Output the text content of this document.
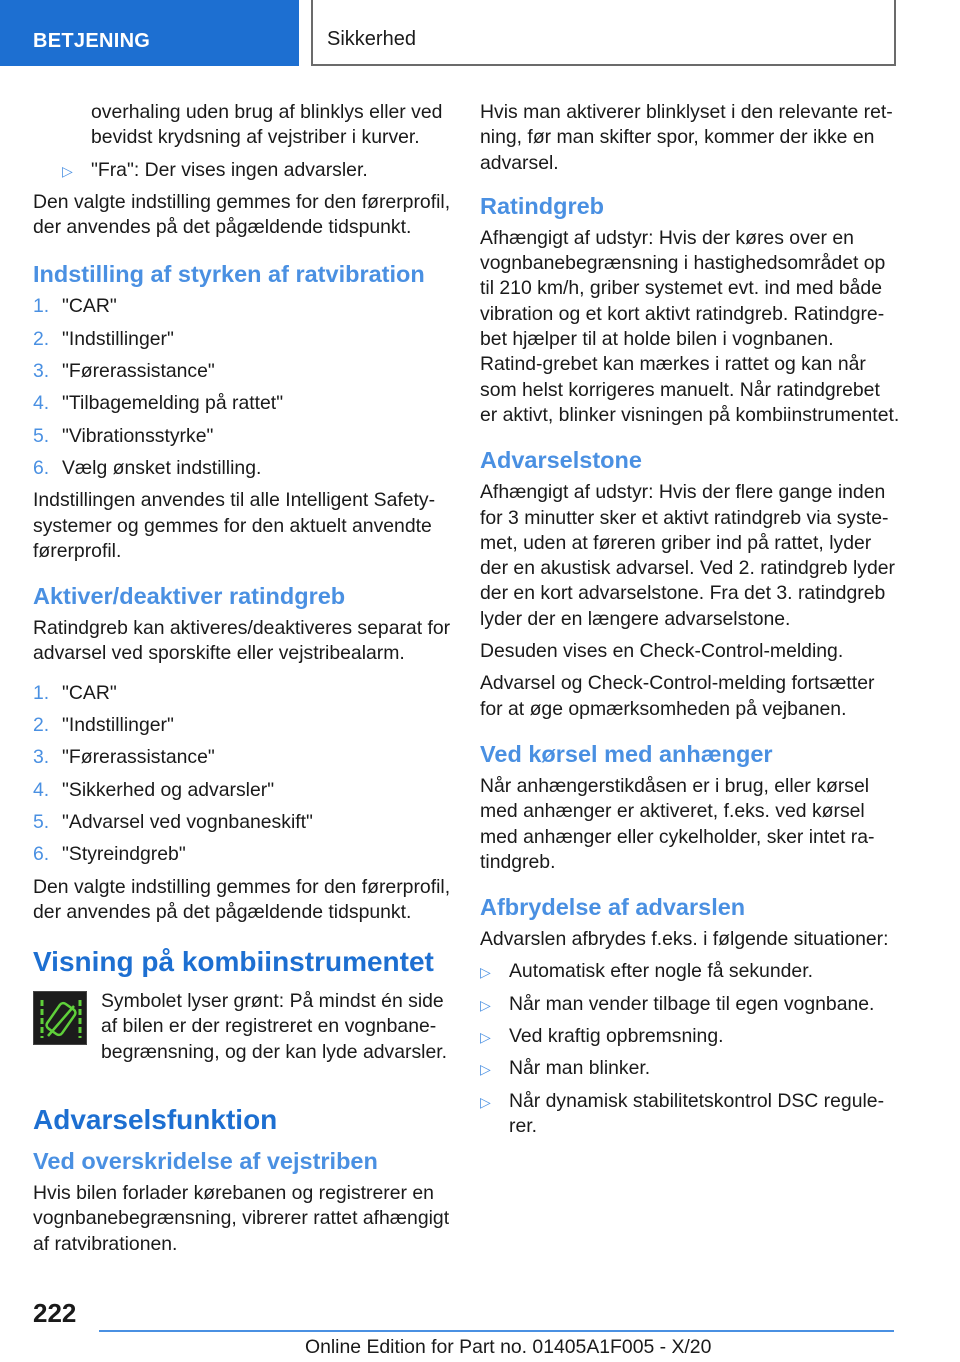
BETJENING	Sikkerhed
overhaling uden brug af blinklys eller ved bevidst krydsning af vejstriber i kurver.
▷ "Fra": Der vises ingen advarsler.

Den valgte indstilling gemmes for den førerprofil, der anvendes på det pågældende tidspunkt.

Indstilling af styrken af ratvibration
1. "CAR"
2. "Indstillinger"
3. "Førerassistance"
4. "Tilbagemelding på rattet"
5. "Vibrationsstyrke"
6. Vælg ønsket indstilling.

Indstillingen anvendes til alle Intelligent Safety-systemer og gemmes for den aktuelt anvendte førerprofil.

Aktiver/deaktiver ratindgreb

Ratindgreb kan aktiveres/deaktiveres separat for advarsel ved sporskifte eller vejstribealarm.

1. "CAR"
2. "Indstillinger"
3. "Førerassistance"
4. "Sikkerhed og advarsler"
5. "Advarsel ved vognbaneskift"
6. "Styreindgreb"

Den valgte indstilling gemmes for den førerprofil, der anvendes på det pågældende tidspunkt.

Visning på kombiinstrumentet
Symbolet lyser grønt: På mindst én side af bilen er der registreret en vognbane-begrænsning, og der kan lyde advarsler.
Advarselsfunktion
Ved overskridelse af vejstriben

Hvis bilen forlader kørebanen og registrerer en vognbanebegrænsning, vibrerer rattet afhængigt af ratvibrationen.

Hvis man aktiverer blinklyset i den relevante ret-ning, før man skifter spor, kommer der ikke en advarsel.

Ratindgreb

Afhængigt af udstyr: Hvis der køres over en vognbanebegrænsning i hastighedsområdet op til 210 km/h, griber systemet evt. ind med både vibration og et kort aktivt ratindgreb. Ratindgre-bet hjælper til at holde bilen i vognbanen. Ratind-grebet kan mærkes i rattet og kan når som helst korrigeres manuelt. Når ratindgrebet er aktivt, blinker visningen på kombiinstrumentet.

Advarselstone

Afhængigt af udstyr: Hvis der flere gange inden for 3 minutter sker et aktivt ratindgreb via syste-met, uden at føreren griber ind på rattet, lyder der en akustisk advarsel. Ved 2. ratindgreb lyder der en kort advarselstone. Fra det 3. ratindgreb lyder der en længere advarselstone.

Desuden vises en Check-Control-melding.

Advarsel og Check-Control-melding fortsætter for at øge opmærksomheden på vejbanen.

Ved kørsel med anhænger

Når anhængerstikdåsen er i brug, eller kørsel med anhænger er aktiveret, f.eks. ved kørsel med anhænger eller cykelholder, sker intet ra-tindgreb.

Afbrydelse af advarslen

Advarslen afbrydes f.eks. i følgende situationer:

▷ Automatisk efter nogle få sekunder.
▷ Når man vender tilbage til egen vognbane.
▷ Ved kraftig opbremsning.
▷ Når man blinker.
▷ Når dynamisk stabilitetskontrol DSC regule-rer.
222
Online Edition for Part no. 01405A1F005 - X/20
